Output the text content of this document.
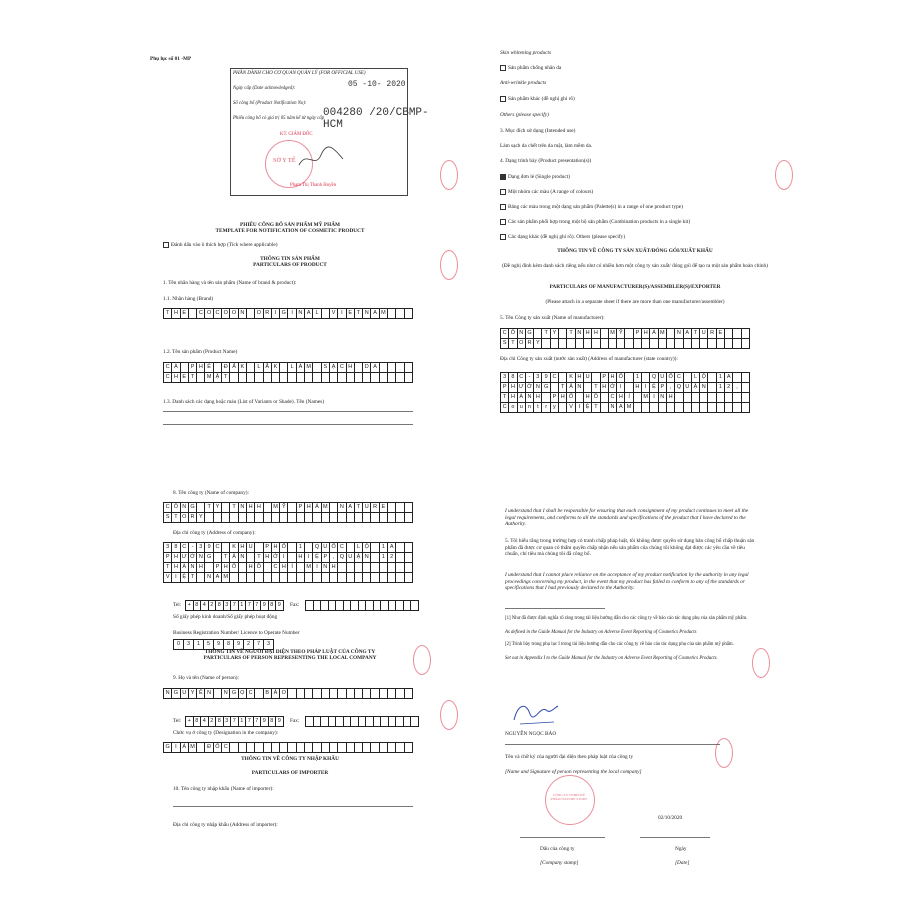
Phụ lục số 01 -MP
PHẦN DÀNH CHO CƠ QUAN QUẢN LÝ (FOR OFFICIAL USE)
Ngày cấp (Date acknowledged):	05 -10- 2020
Số công bố (Product Notification No):
004280 /20/CBMP-HCM
Phiếu công bố có giá trị 05 năm kể từ ngày cấp
KT. GIÁM ĐỐC
SỞ Y TẾ
Phạm Thị Thanh Huyền
PHIẾU CÔNG BỐ SẢN PHẨM MỸ PHẨM
TEMPLATE FOR NOTIFICATION OF COSMETIC PRODUCT
Đánh dấu vào ô thích hợp (Tick where applicable)
THÔNG TIN SẢN PHẨM
PARTICULARS OF PRODUCT
1. Tên nhãn hàng và tên sản phẩm (Name of brand & product):
1.1. Nhãn hàng (Brand)
T H E	C O C O O N	O R	I G I	N A L	V	I	E T N A M
1.2. Tên sản phẩm (Product Name)
C À	P H Ê	Đ Ắ K	L Ắ K	L À M	S Ạ C H	D A
C H E T	M Ặ T
1.3. Danh sách các dạng hoặc màu (List of Variants or Shade). Tên (Names)
Skin whitening products
Sản phẩm chống nhăn da
Anti-wrinkle products
Sản phẩm khác (đề nghị ghi rõ)
Others (please specify)
3. Mục đích sử dụng (Intended use)
Làm sạch da chết trên da mặt, làm mềm da.
4. Dạng trình bày (Product presentation(s))
Dạng đơn lẻ (Single product)
Một nhóm các màu (A range of colours)
Bảng các màu trong một dạng sản phẩm (Palette(s) in a range of one product type)
Các sản phẩm phối hợp trong một bộ sản phẩm (Combination products in a single kit)
Các dạng khác (đề nghị ghi rõ). Others (please specify)
THÔNG TIN VỀ CÔNG TY SẢN XUẤT/ĐÓNG GÓI/XUẤT KHẨU
(Đề nghị đính kèm danh sách riêng nếu như có nhiều hơn một công ty sản xuất/ đóng gói để tạo ra một sản phẩm hoàn chỉnh)
PARTICULARS OF MANUFACTURER(S)/ASSEMBLER(S)/EXPORTER
(Please attach in a separate sheet if there are more than one manufacturer/assembler)
5. Tên Công ty sản xuất (Name of manufacturer):
C Ô N G	T Y	T N H H	M Ỹ	P H Ẩ M	N A T U R E
S T O R Y
Địa chỉ Công ty sản xuất (nước sản xuất) (Address of manufacturer (state country)):
3 8 C -	3 9 C	K H U	P H Ố	1	Q U Ố C	L Ộ	1 A
P H Ư Ờ N G	T Â N	T H Ớ I	H	I	Ệ P	, Q U Ậ N	1 2	,
T H À N H	P H Ố	H Ồ	C H	Í	M I	N H
C o u n	t	r	y	V	I	Ệ T	N A M
8. Tên công ty (Name of company):
C Ô N G	T Y	T N H H	M Ỹ	P H Ẩ M	N A T U R E
S T O R Y
Địa chỉ công ty (Address of company):
3 8 C -	3 9 C	K H U	P H Ố	1	Q U Ố C	L Ộ	1 A
P H Ư Ờ N G	T Â N	T H Ớ I	H	I	Ệ P	, Q U Ậ N	1 2
T H À N H	P H Ố	H Ồ	C H	Í	M I	N H
V	I	Ệ T	N A M
Tel: + 8 4 2 8 3 7 1 7 7 9 8 9	Fax:

Số giấy phép kinh doanh/Số giấy phép hoạt động
Business Registration Number/ Licence to Operate Number
0	3	1	5	9	8	9	2	7	3
THÔNG TIN VỀ NGƯỜI ĐẠI DIỆN THEO PHÁP LUẬT CỦA CÔNG TY
PARTICULARS OF PERSON REPRESENTING THE LOCAL COMPANY
9. Họ và tên (Name of person):
N G U Y Ễ N	N G Ọ C	B Ả O
Tel: + 8 4 2 8 3 7 1 7 7 9 8 9	Fax:

Chức vụ ở công ty (Designation in the company):
G I	Á M	Đ Ố C
THÔNG TIN VỀ CÔNG TY NHẬP KHẨU
PARTICULARS OF IMPORTER
10. Tên công ty nhập khẩu (Name of importer):
Địa chỉ công ty nhập khẩu (Address of importer):
I understand that I shall be responsible for ensuring that each consignment of my product continues to meet all the legal requirements, and conforms to all the standards and specifications of the product that I have declared to the Authority.
5. Tôi hiểu rằng trong trường hợp có tranh chấp pháp luật, tôi không được quyền sử dụng bản công bố chấp thuận sản phẩm đã được cơ quan có thẩm quyền chấp nhận nếu sản phẩm của chúng tôi không đạt được các yêu cầu về tiêu chuẩn, chỉ tiêu mà chúng tôi đã công bố.
I understand that I cannot place reliance on the acceptance of my product notification by the authority in any legal proceedings concerning my product, in the event that my product has failed to conform to any of the standards or specifications that I had previously declared to the Authority.
[1] Như đã được định nghĩa rõ ràng trong tài liệu hướng dẫn cho các công ty về báo cáo tác dụng phụ của sản phẩm mỹ phẩm.
As defined in the Guide Manual for the Industry on Adverse Event Reporting of Cosmetics Products
[2] Trình bày trong phụ lục I trong tài liệu hướng dẫn cho các công ty về báo cáo tác dụng phụ của sản phẩm mỹ phẩm.
Set out in Appendix I to the Guide Manual for the Industry on Adverse Event Reporting of Cosmetics Products.
NGUYỄN NGỌC BẢO
Tên và chữ ký của người đại diện theo pháp luật của công ty
[Name and Signature of person representing the local company]
CÔNG TY TNHH MỸ PHẨM NATURE STORY
02/10/2020
Dấu của công ty
[Company stamp]
Ngày
[Date]
